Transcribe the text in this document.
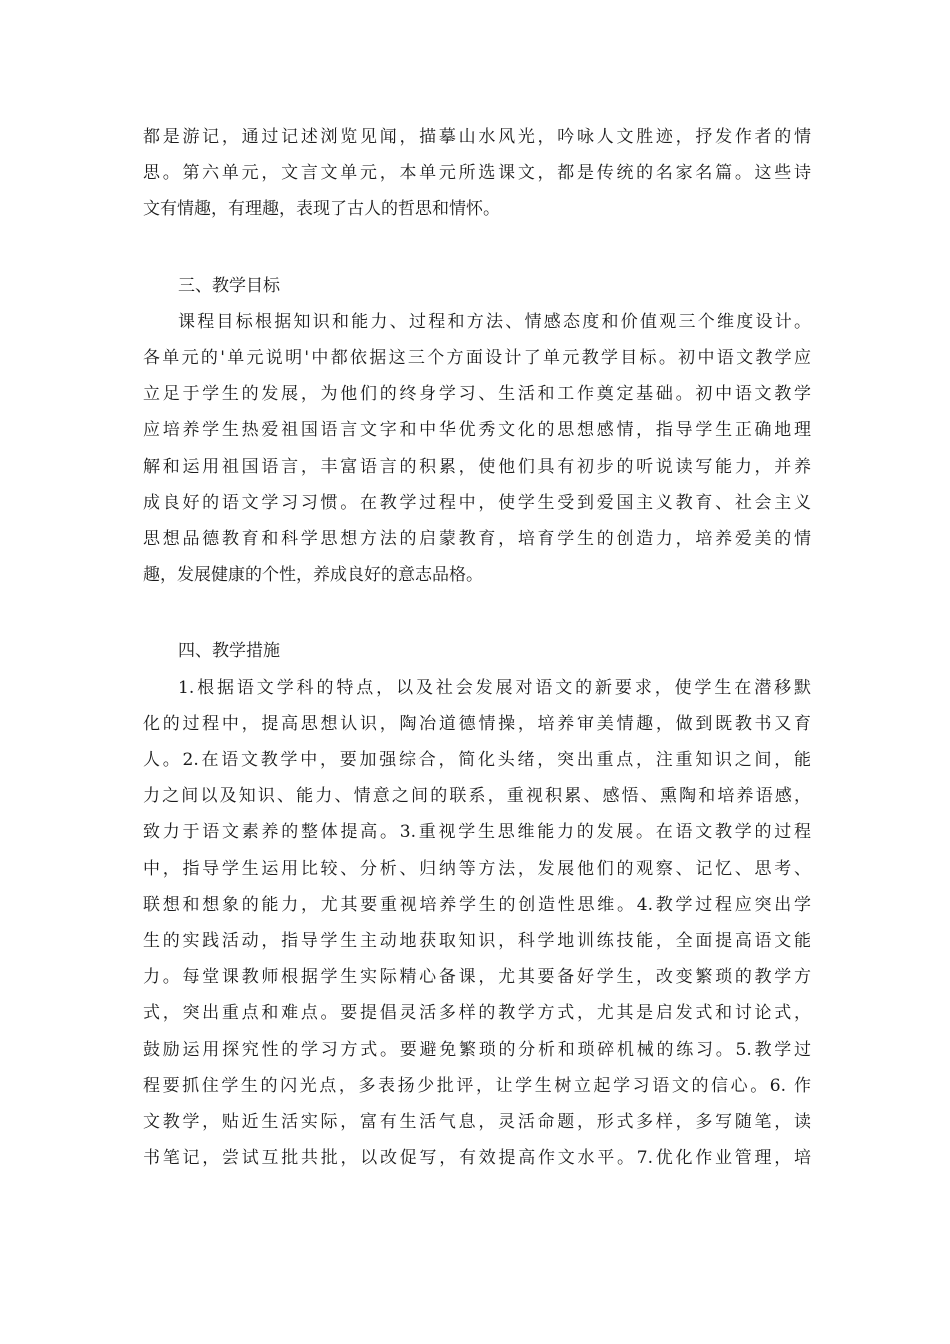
都是游记，通过记述浏览见闻，描摹山水风光，吟咏人文胜迹，抒发作者的情
思。第六单元，文言文单元，本单元所选课文，都是传统的名家名篇。这些诗
文有情趣，有理趣，表现了古人的哲思和情怀。

三、教学目标

课程目标根据知识和能力、过程和方法、情感态度和价值观三个维度设计。
各单元的'单元说明'中都依据这三个方面设计了单元教学目标。初中语文教学应
立足于学生的发展，为他们的终身学习、生活和工作奠定基础。初中语文教学
应培养学生热爱祖国语言文字和中华优秀文化的思想感情，指导学生正确地理
解和运用祖国语言，丰富语言的积累，使他们具有初步的听说读写能力，并养
成良好的语文学习习惯。在教学过程中，使学生受到爱国主义教育、社会主义
思想品德教育和科学思想方法的启蒙教育，培育学生的创造力，培养爱美的情
趣，发展健康的个性，养成良好的意志品格。

四、教学措施

1.根据语文学科的特点，以及社会发展对语文的新要求，使学生在潜移默
化的过程中，提高思想认识，陶冶道德情操，培养审美情趣，做到既教书又育
人。2.在语文教学中，要加强综合，简化头绪，突出重点，注重知识之间，能
力之间以及知识、能力、情意之间的联系，重视积累、感悟、熏陶和培养语感，
致力于语文素养的整体提高。3.重视学生思维能力的发展。在语文教学的过程
中，指导学生运用比较、分析、归纳等方法，发展他们的观察、记忆、思考、
联想和想象的能力，尤其要重视培养学生的创造性思维。4.教学过程应突出学
生的实践活动，指导学生主动地获取知识，科学地训练技能，全面提高语文能
力。每堂课教师根据学生实际精心备课，尤其要备好学生，改变繁琐的教学方
式，突出重点和难点。要提倡灵活多样的教学方式，尤其是启发式和讨论式，
鼓励运用探究性的学习方式。要避免繁琐的分析和琐碎机械的练习。5.教学过
程要抓住学生的闪光点，多表扬少批评，让学生树立起学习语文的信心。6. 作
文教学，贴近生活实际，富有生活气息，灵活命题，形式多样，多写随笔，读
书笔记，尝试互批共批，以改促写，有效提高作文水平。7.优化作业管理，培
